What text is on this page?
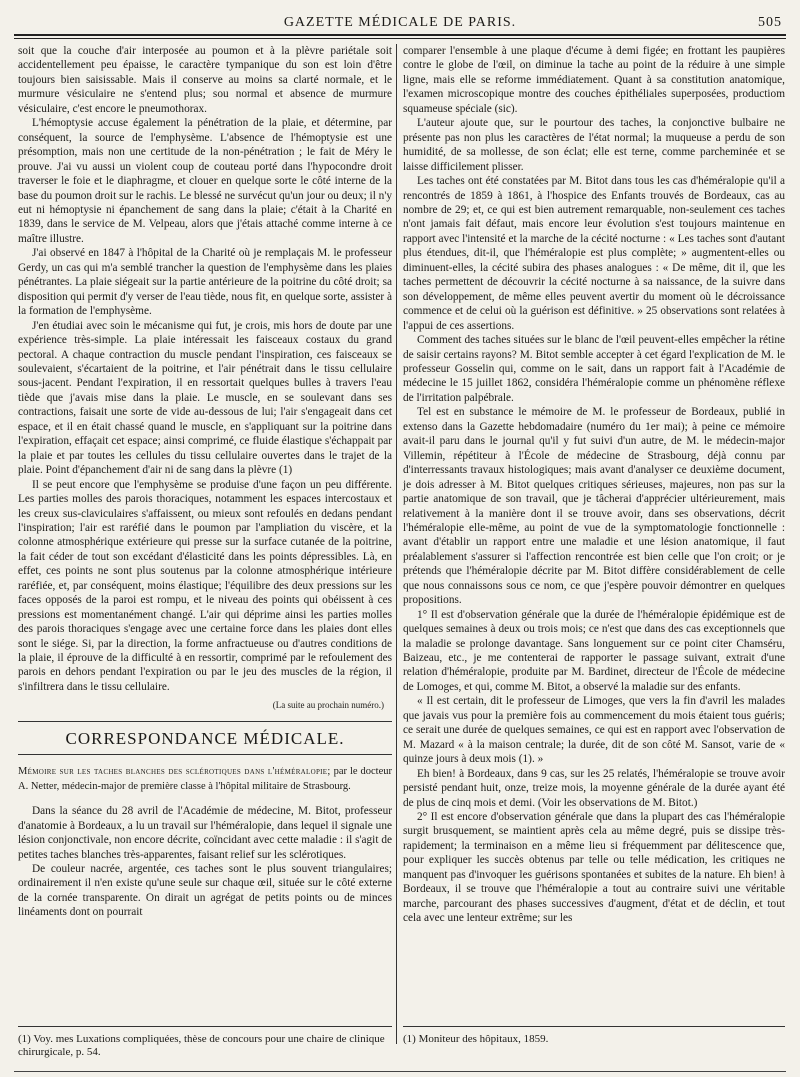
GAZETTE MÉDICALE DE PARIS.	505

soit que la couche d'air interposée au poumon et à la plèvre pariétale soit accidentellement peu épaisse, le caractère tympanique du son est loin d'être toujours bien saisissable. Mais il conserve au moins sa clarté normale, et le murmure vésiculaire ne s'entend plus; sou normal et absence de murmure vésiculaire, c'est encore le pneumothorax.

L'hémoptysie accuse également la pénétration de la plaie, et détermine, par conséquent, la source de l'emphysème. L'absence de l'hémoptysie est une présomption, mais non une certitude de la non-pénétration ; le fait de Méry le prouve. J'ai vu aussi un violent coup de couteau porté dans l'hypocondre droit traverser le foie et le diaphragme, et clouer en quelque sorte le côté interne de la base du poumon droit sur le rachis. Le blessé ne survécut qu'un jour ou deux; il n'y eut ni hémoptysie ni épanchement de sang dans la plaie; c'était à la Charité en 1839, dans le service de M. Velpeau, alors que j'étais attaché comme interne à ce maître illustre.

J'ai observé en 1847 à l'hôpital de la Charité où je remplaçais M. le professeur Gerdy, un cas qui m'a semblé trancher la question de l'emphysème dans les plaies pénétrantes. La plaie siégeait sur la partie antérieure de la poitrine du côté droit; sa disposition qui permit d'y verser de l'eau tiède, nous fit, en quelque sorte, assister à la formation de l'emphysème.

J'en étudiai avec soin le mécanisme qui fut, je crois, mis hors de doute par une expérience très-simple. La plaie intéressait les faisceaux costaux du grand pectoral. A chaque contraction du muscle pendant l'inspiration, ces faisceaux se soulevaient, s'écartaient de la poitrine, et l'air pénétrait dans le tissu cellulaire sous-jacent. Pendant l'expiration, il en ressortait quelques bulles à travers l'eau tiède que j'avais mise dans la plaie. Le muscle, en se soulevant dans ses contractions, faisait une sorte de vide au-dessous de lui; l'air s'engageait dans cet espace, et il en était chassé quand le muscle, en s'appliquant sur la poitrine dans l'expiration, effaçait cet espace; ainsi comprimé, ce fluide élastique s'échappait par la plaie et par toutes les cellules du tissu cellulaire ouvertes dans le trajet de la plaie. Point d'épanchement d'air ni de sang dans la plèvre (1)

Il se peut encore que l'emphysème se produise d'une façon un peu différente. Les parties molles des parois thoraciques, notamment les espaces intercostaux et les creux sus-claviculaires s'affaissent, ou mieux sont refoulés en dedans pendant l'inspiration; l'air est raréfié dans le poumon par l'ampliation du viscère, et la colonne atmosphérique extérieure qui presse sur la surface cutanée de la poitrine, la fait céder de tout son excédant d'élasticité dans les points dépressibles. Là, en effet, ces points ne sont plus soutenus par la colonne atmosphérique intérieure raréfiée, et, par conséquent, moins élastique; l'équilibre des deux pressions sur les faces opposés de la paroi est rompu, et le niveau des points qui obéissent à ces pressions est momentanément changé. L'air qui déprime ainsi les parties molles des parois thoraciques s'engage avec une certaine force dans les plaies dont elles sont le siége. Si, par la direction, la forme anfractueuse ou d'autres conditions de la plaie, il éprouve de la difficulté à en ressortir, comprimé par le refoulement des parois en dehors pendant l'expiration ou par le jeu des muscles de la région, il s'infiltrera dans le tissu cellulaire.

(La suite au prochain numéro.)

CORRESPONDANCE MÉDICALE.

Mémoire sur les taches blanches des sclérotiques dans l'héméralopie; par le docteur A. Netter, médecin-major de première classe à l'hôpital militaire de Strasbourg.

Dans la séance du 28 avril de l'Académie de médecine, M. Bitot, professeur d'anatomie à Bordeaux, a lu un travail sur l'héméralopie, dans lequel il signale une lésion conjonctivale, non encore décrite, coïncidant avec cette maladie : il s'agit de petites taches blanches très-apparentes, faisant relief sur les sclérotiques.

De couleur nacrée, argentée, ces taches sont le plus souvent triangulaires; ordinairement il n'en existe qu'une seule sur chaque œil, située sur le côté externe de la cornée transparente. On dirait un agrégat de petits points ou de minces linéaments dont on pourrait

comparer l'ensemble à une plaque d'écume à demi figée; en frottant les paupières contre le globe de l'œil, on diminue la tache au point de la réduire à une simple ligne, mais elle se reforme immédiatement. Quant à sa constitution anatomique, l'examen microscopique montre des couches épithéliales superposées, productiom squameuse spéciale (sic).

L'auteur ajoute que, sur le pourtour des taches, la conjonctive bulbaire ne présente pas non plus les caractères de l'état normal; la muqueuse a perdu de son humidité, de sa mollesse, de son éclat; elle est terne, comme parcheminée et se laisse difficilement plisser.

Les taches ont été constatées par M. Bitot dans tous les cas d'héméralopie qu'il a rencontrés de 1859 à 1861, à l'hospice des Enfants trouvés de Bordeaux, cas au nombre de 29; et, ce qui est bien autrement remarquable, non-seulement ces taches n'ont jamais fait défaut, mais encore leur évolution s'est toujours maintenue en rapport avec l'intensité et la marche de la cécité nocturne : « Les taches sont d'autant plus étendues, dit-il, que l'héméralopie est plus complète; » augmentent-elles ou diminuent-elles, la cécité subira des phases analogues : « De même, dit il, que les taches permettent de découvrir la cécité nocturne à sa naissance, de la suivre dans son développement, de même elles peuvent avertir du moment où le décroissance commence et de celui où la guérison est définitive. » 25 observations sont relatées à l'appui de ces assertions.

Comment des taches situées sur le blanc de l'œil peuvent-elles empêcher la rétine de saisir certains rayons? M. Bitot semble accepter à cet égard l'explication de M. le professeur Gosselin qui, comme on le sait, dans un rapport fait à l'Académie de médecine le 15 juillet 1862, considéra l'héméralopie comme un phénomène réflexe de l'irritation palpébrale.

Tel est en substance le mémoire de M. le professeur de Bordeaux, publié in extenso dans la Gazette hebdomadaire (numéro du 1er mai); à peine ce mémoire avait-il paru dans le journal qu'il y fut suivi d'un autre, de M. le médecin-major Villemin, répétiteur à l'École de médecine de Strasbourg, déjà connu par d'interressants travaux histologiques; mais avant d'analyser ce deuxième document, je dois adresser à M. Bitot quelques critiques sérieuses, majeures, non pas sur la partie anatomique de son travail, que je tâcherai d'apprécier ultérieurement, mais relativement à la manière dont il se trouve avoir, dans ses observations, décrit l'héméralopie elle-même, au point de vue de la symptomatologie fonctionnelle : avant d'établir un rapport entre une maladie et une lésion anatomique, il faut préalablement s'assurer si l'affection rencontrée est bien celle que l'on croit; or je prétends que l'héméralopie décrite par M. Bitot diffère considérablement de celle que nous connaissons sous ce nom, ce que j'espère pouvoir démontrer en quelques propositions.

1° Il est d'observation générale que la durée de l'héméralopie épidémique est de quelques semaines à deux ou trois mois; ce n'est que dans des cas exceptionnels que la maladie se prolonge davantage. Sans longuement sur ce point citer Chamséru, Baizeau, etc., je me contenterai de rapporter le passage suivant, extrait d'une relation d'héméralopie, produite par M. Bardinet, directeur de l'École de médecine de Lomoges, et qui, comme M. Bitot, a observé la maladie sur des enfants.

« Il est certain, dit le professeur de Limoges, que vers la fin d'avril les malades que javais vus pour la première fois au commencement du mois étaient tous guéris; ce serait une durée de quelques semaines, ce qui est en rapport avec l'observation de M. Mazard « à la maison centrale; la durée, dit de son côté M. Sansot, varie de « quinze jours à deux mois (1). »

Eh bien! à Bordeaux, dans 9 cas, sur les 25 relatés, l'héméralopie se trouve avoir persisté pendant huit, onze, treize mois, la moyenne générale de la durée ayant été de plus de cinq mois et demi. (Voir les observations de M. Bitot.)

2° Il est encore d'observation générale que dans la plupart des cas l'héméralopie surgit brusquement, se maintient après cela au même degré, puis se dissipe très-rapidement; la terminaison en a même lieu si fréquemment par délitescence que, pour expliquer les succès obtenus par telle ou telle médication, les critiques ne manquent pas d'invoquer les guérisons spontanées et subites de la nature. Eh bien! à Bordeaux, il se trouve que l'héméralopie a tout au contraire suivi une véritable marche, parcourant des phases successives d'augment, d'état et de déclin, et tout cela avec une lenteur extrême; sur les

(1) Voy. mes Luxations compliquées, thèse de concours pour une chaire de clinique chirurgicale, p. 54.
(1) Moniteur des hôpitaux, 1859.
